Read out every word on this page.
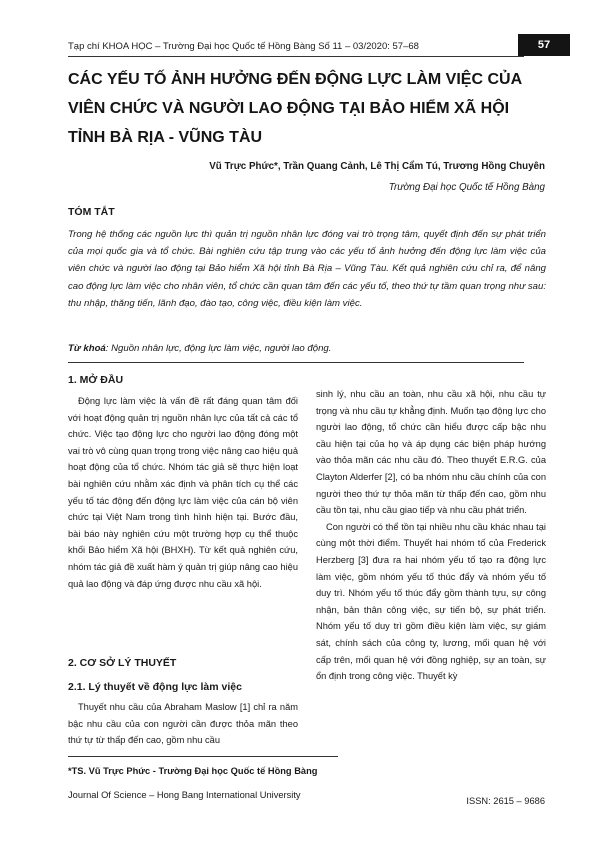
Tạp chí KHOA HỌC – Trường Đại học Quốc tế Hồng Bàng Số 11 – 03/2020: 57–68	57
CÁC YẾU TỐ ẢNH HƯỞNG ĐẾN ĐỘNG LỰC LÀM VIỆC CỦA VIÊN CHỨC VÀ NGƯỜI LAO ĐỘNG TẠI BẢO HIỂM XÃ HỘI TỈNH BÀ RỊA - VŨNG TÀU
Vũ Trực Phức*, Trần Quang Cảnh, Lê Thị Cẩm Tú, Trương Hồng Chuyên
Trường Đại học Quốc tế Hồng Bàng
TÓM TẮT

Trong hệ thống các nguồn lực thì quản trị nguồn nhân lực đóng vai trò trọng tâm, quyết định đến sự phát triển của mọi quốc gia và tổ chức. Bài nghiên cứu tập trung vào các yếu tố ảnh hưởng đến động lực làm việc của viên chức và người lao động tại Bảo hiểm Xã hội tỉnh Bà Rịa – Vũng Tàu. Kết quả nghiên cứu chỉ ra, để nâng cao động lực làm việc cho nhân viên, tổ chức cần quan tâm đến các yếu tố, theo thứ tự tầm quan trọng như sau: thu nhập, thăng tiến, lãnh đạo, đào tạo, công việc, điều kiện làm việc.

Từ khoá: Nguồn nhân lực, động lực làm việc, người lao động.

1. MỞ ĐẦU

Động lực làm việc là vấn đề rất đáng quan tâm đối với hoạt động quản trị nguồn nhân lực của tất cả các tổ chức. Việc tạo động lực cho người lao động đóng một vai trò vô cùng quan trọng trong việc nâng cao hiệu quả hoạt động của tổ chức. Nhóm tác giả sẽ thực hiện loạt bài nghiên cứu nhằm xác định và phân tích cụ thể các yếu tố tác động đến động lực làm việc của cán bộ viên chức tại Việt Nam trong tình hình hiện tại. Bước đầu, bài báo này nghiên cứu một trường hợp cụ thể thuộc khối Bảo hiểm Xã hội (BHXH). Từ kết quả nghiên cứu, nhóm tác giả đề xuất hàm ý quản trị giúp nâng cao hiệu quả lao động và đáp ứng được nhu cầu xã hội.

2. CƠ SỞ LÝ THUYẾT
2.1. Lý thuyết về động lực làm việc

Thuyết nhu cầu của Abraham Maslow [1] chỉ ra năm bậc nhu cầu của con người cần được thỏa mãn theo thứ tự từ thấp đến cao, gồm nhu cầu

sinh lý, nhu cầu an toàn, nhu cầu xã hội, nhu cầu tự trọng và nhu cầu tự khẳng định. Muốn tạo động lực cho người lao động, tổ chức cần hiểu được cấp bậc nhu cầu hiện tại của họ và áp dụng các biện pháp hướng vào thỏa mãn các nhu cầu đó. Theo thuyết E.R.G. của Clayton Alderfer [2], có ba nhóm nhu cầu chính của con người theo thứ tự thỏa mãn từ thấp đến cao, gồm nhu cầu tồn tại, nhu cầu giao tiếp và nhu cầu phát triển.

Con người có thể tồn tại nhiều nhu cầu khác nhau tại cùng một thời điểm. Thuyết hai nhóm tố của Frederick Herzberg [3] đưa ra hai nhóm yếu tố tạo ra động lực làm việc, gồm nhóm yếu tố thúc đẩy và nhóm yếu tố duy trì. Nhóm yếu tố thúc đẩy gồm thành tựu, sự công nhận, bản thân công việc, sự tiến bộ, sự phát triển. Nhóm yếu tố duy trì gồm điều kiện làm việc, sự giám sát, chính sách của công ty, lương, mối quan hệ với cấp trên, mối quan hệ với đồng nghiệp, sự an toàn, sự ổn định trong công việc. Thuyết kỳ

*TS. Vũ Trực Phức - Trường Đại học Quốc tế Hồng Bàng
Journal Of Science – Hong Bang International University
ISSN: 2615 – 9686
